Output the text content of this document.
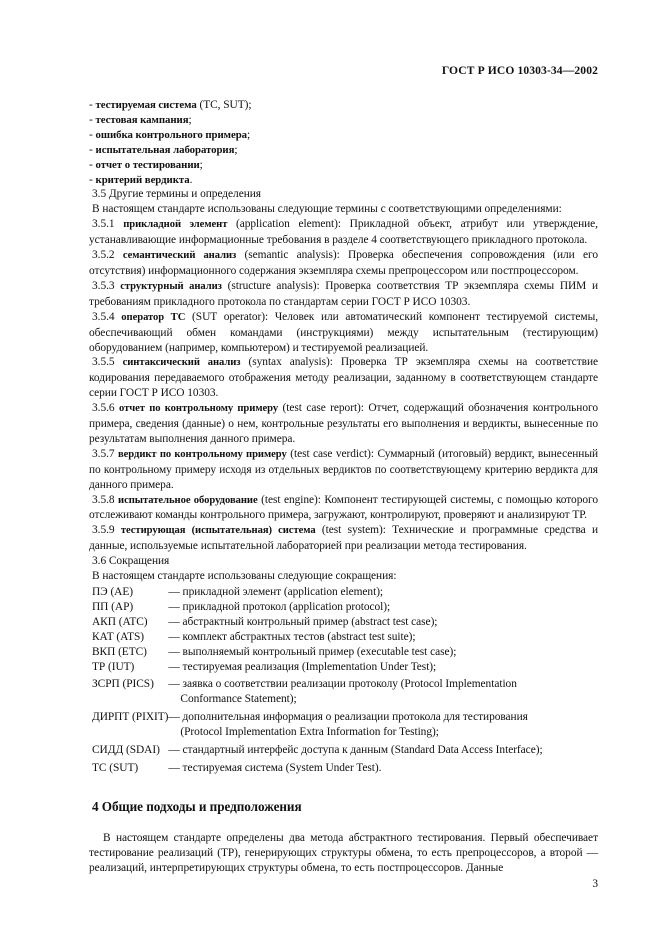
ГОСТ Р ИСО 10303-34—2002
- тестируемая система (ТС, SUT);
- тестовая кампания;
- ошибка контрольного примера;
- испытательная лаборатория;
- отчет о тестировании;
- критерий вердикта.
3.5 Другие термины и определения

В настоящем стандарте использованы следующие термины с соответствующими определениями:

3.5.1 прикладной элемент (application element): Прикладной объект, атрибут или утверждение, устанавливающие информационные требования в разделе 4 соответствующего прикладного протокола.

3.5.2 семантический анализ (semantic analysis): Проверка обеспечения сопровождения (или его отсутствия) информационного содержания экземпляра схемы препроцессором или постпроцессором.

3.5.3 структурный анализ (structure analysis): Проверка соответствия ТР экземпляра схемы ПИМ и требованиям прикладного протокола по стандартам серии ГОСТ Р ИСО 10303.

3.5.4 оператор ТС (SUT operator): Человек или автоматический компонент тестируемой системы, обеспечивающий обмен командами (инструкциями) между испытательным (тестирующим) оборудованием (например, компьютером) и тестируемой реализацией.

3.5.5 синтаксический анализ (syntax analysis): Проверка ТР экземпляра схемы на соответствие кодирования передаваемого отображения методу реализации, заданному в соответствующем стандарте серии ГОСТ Р ИСО 10303.

3.5.6 отчет по контрольному примеру (test case report): Отчет, содержащий обозначения контрольного примера, сведения (данные) о нем, контрольные результаты его выполнения и вердикты, вынесенные по результатам выполнения данного примера.

3.5.7 вердикт по контрольному примеру (test case verdict): Суммарный (итоговый) вердикт, вынесенный по контрольному примеру исходя из отдельных вердиктов по соответствующему критерию вердикта для данного примера.

3.5.8 испытательное оборудование (test engine): Компонент тестирующей системы, с помощью которого отслеживают команды контрольного примера, загружают, контролируют, проверяют и анализируют ТР.

3.5.9 тестирующая (испытательная) система (test system): Технические и программные средства и данные, используемые испытательной лабораторией при реализации метода тестирования.

3.6 Сокращения

В настоящем стандарте использованы следующие сокращения:

ПЭ (AE)	— прикладной элемент (application element);
ПП (AP)	— прикладной протокол (application protocol);
АКП (ATC)	— абстрактный контрольный пример (abstract test case);
КАТ (ATS)	— комплект абстрактных тестов (abstract test suite);
ВКП (ETC)	— выполняемый контрольный пример (executable test case);
ТР (IUT)	— тестируемая реализация (Implementation Under Test);
ЗСРП (PICS)	— заявка о соответствии реализации протоколу (Protocol Implementation
Conformance Statement);

ДИРПТ (PIXIT)	— дополнительная информация о реализации протокола для тестирования
(Protocol Implementation Extra Information for Testing);

СИДД (SDAI)	— стандартный интерфейс доступа к данным (Standard Data Access Interface);
ТС (SUT)	— тестируемая система (System Under Test).
4 Общие подходы и предположения

В настоящем стандарте определены два метода абстрактного тестирования. Первый обеспечивает тестирование реализаций (ТР), генерирующих структуры обмена, то есть препроцессоров, а второй — реализаций, интерпретирующих структуры обмена, то есть постпроцессоров. Данные

3
